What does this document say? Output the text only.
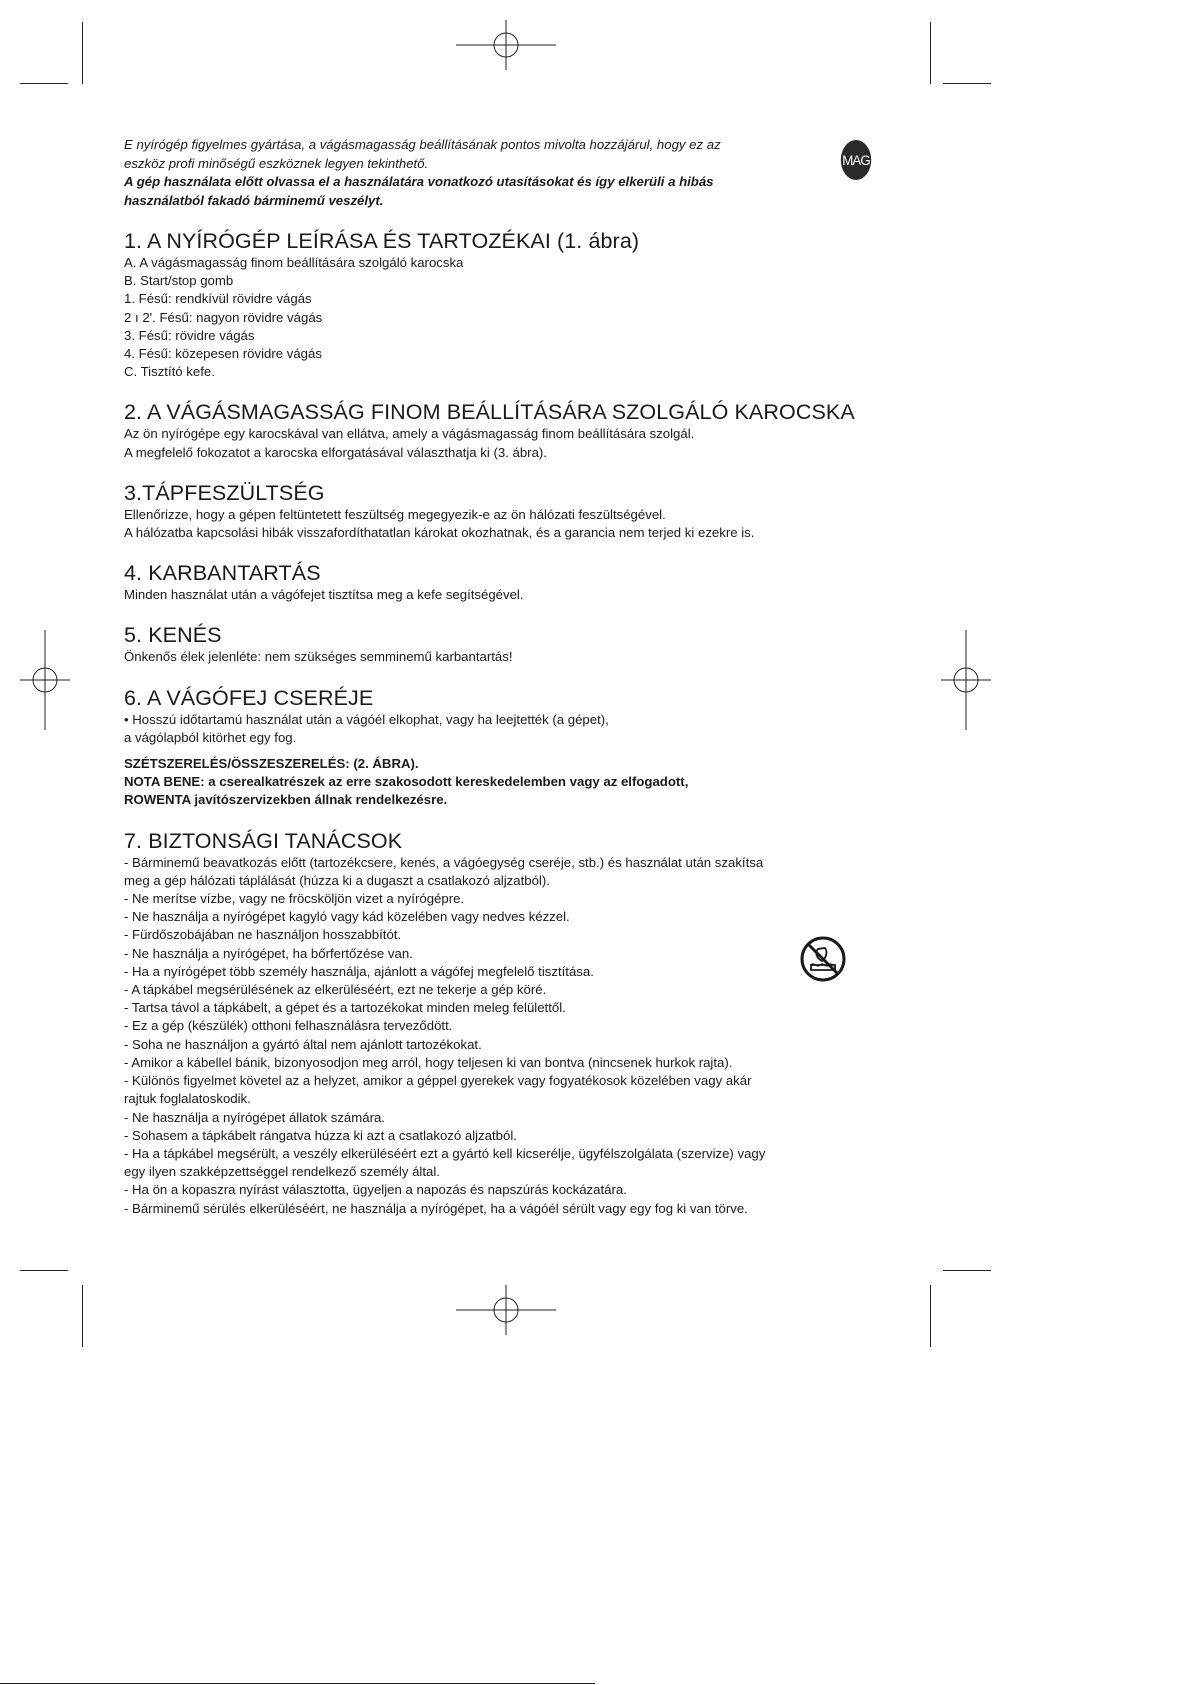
MAG

E nyírógép figyelmes gyártása, a vágásmagasság beállításának pontos mivolta hozzájárul, hogy ez az

eszköz profi minőségű eszköznek legyen tekinthető.

A gép használata előtt olvassa el a használatára vonatkozó utasításokat és így elkerüli a hibás

használatból fakadó bárminemű veszélyt.

1. A NYÍRÓGÉP LEÍRÁSA ÉS TARTOZÉKAI (1. ábra)

A. A vágásmagasság finom beállítására szolgáló karocska

B. Start/stop gomb

1. Fésű: rendkívül rövidre vágás

2 ı 2'. Fésű: nagyon rövidre vágás

3. Fésű: rövidre vágás

4. Fésű: közepesen rövidre vágás

C. Tisztító kefe.

2. A VÁGÁSMAGASSÁG FINOM BEÁLLÍTÁSÁRA SZOLGÁLÓ KAROCSKA

Az ön nyírógépe egy karocskával van ellátva, amely a vágásmagasság finom beállítására szolgál.

A megfelelő fokozatot a karocska elforgatásával választhatja ki (3. ábra).

3.TÁPFESZÜLTSÉG

Ellenőrizze, hogy a gépen feltüntetett feszültség megegyezik-e az ön hálózati feszültségével.

A hálózatba kapcsolási hibák visszafordíthatatlan károkat okozhatnak, és a garancia nem terjed ki ezekre is.

4. KARBANTARTÁS

Minden használat után a vágófejet tisztítsa meg a kefe segítségével.

5. KENÉS

Önkenős élek jelenléte: nem szükséges semminemű karbantartás!

6. A VÁGÓFEJ CSERÉJE

• Hosszú időtartamú használat után a vágóél elkophat, vagy ha leejtették (a gépet),

a vágólapból kitörhet egy fog.

SZÉTSZERELÉS/ÖSSZESZERELÉS: (2. ÁBRA).

NOTA BENE: a cserealkatrészek az erre szakosodott kereskedelemben vagy az elfogadott,

ROWENTA javítószervizekben állnak rendelkezésre.

7. BIZTONSÁGI TANÁCSOK

- Bárminemű beavatkozás előtt (tartozékcsere, kenés, a vágóegység cseréje, stb.) és használat után szakítsa

meg a gép hálózati táplálását (húzza ki a dugaszt a csatlakozó aljzatból).

- Ne merítse vízbe, vagy ne fröcsköljön vizet a nyírógépre.

- Ne használja a nyírógépet kagyló vagy kád közelében vagy nedves kézzel.

- Fürdőszobájában ne használjon hosszabbítót.

- Ne használja a nyírógépet, ha bőrfertőzése van.

- Ha a nyírógépet több személy használja, ajánlott a vágófej megfelelő tisztítása.

- A tápkábel megsérülésének az elkerüléséért, ezt ne tekerje a gép köré.

- Tartsa távol a tápkábelt, a gépet és a tartozékokat minden meleg felülettől.

- Ez a gép (készülék) otthoni felhasználásra terveződött.

- Soha ne használjon a gyártó által nem ajánlott tartozékokat.

- Amikor a kábellel bánik, bizonyosodjon meg arról, hogy teljesen ki van bontva (nincsenek hurkok rajta).

- Különös figyelmet követel az a helyzet, amikor a géppel gyerekek vagy fogyatékosok közelében vagy akár

rajtuk foglalatoskodik.

- Ne használja a nyírógépet állatok számára.

- Sohasem a tápkábelt rángatva húzza ki azt a csatlakozó aljzatból.

- Ha a tápkábel megsérült, a veszély elkerüléséért ezt a gyártó kell kicserélje, ügyfélszolgálata (szervize) vagy

egy ilyen szakképzettséggel rendelkező személy által.

- Ha ön a kopaszra nyírást választotta, ügyeljen a napozás és napszúrás kockázatára.

- Bárminemű sérülés elkerüléséért, ne használja a nyírógépet, ha a vágóél sérült vagy egy fog ki van törve.
